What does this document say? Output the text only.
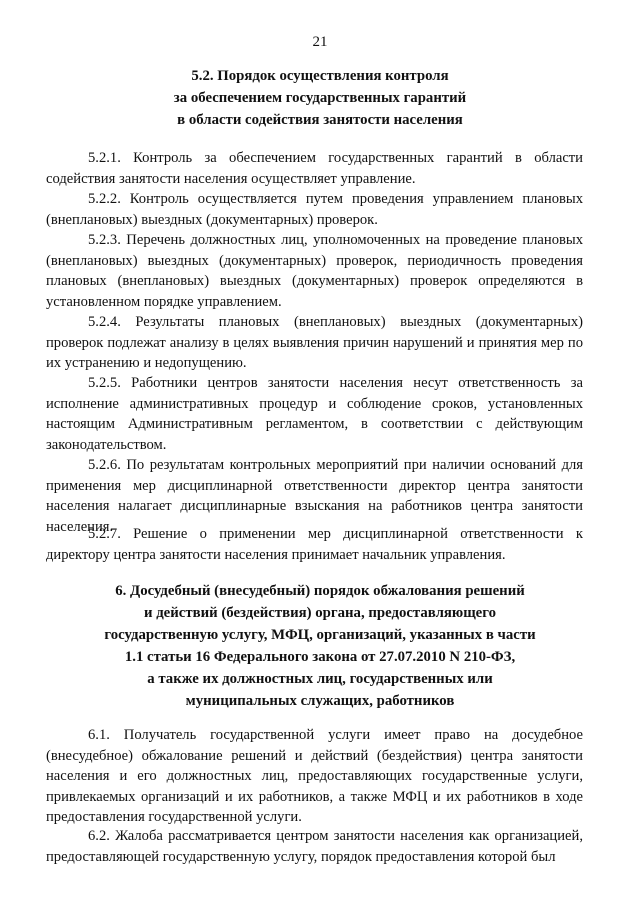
21
5.2. Порядок осуществления контроля
за обеспечением государственных гарантий
в области содействия занятости населения

5.2.1. Контроль за обеспечением государственных гарантий в области содействия занятости населения осуществляет управление.

5.2.2. Контроль осуществляется путем проведения управлением плановых (внеплановых) выездных (документарных) проверок.

5.2.3. Перечень должностных лиц, уполномоченных на проведение плановых (внеплановых) выездных (документарных) проверок, периодичность проведения плановых (внеплановых) выездных (документарных) проверок определяются в установленном порядке управлением.

5.2.4. Результаты плановых (внеплановых) выездных (документарных) проверок подлежат анализу в целях выявления причин нарушений и принятия мер по их устранению и недопущению.

5.2.5. Работники центров занятости населения несут ответственность за исполнение административных процедур и соблюдение сроков, установленных настоящим Административным регламентом, в соответствии с действующим законодательством.

5.2.6. По результатам контрольных мероприятий при наличии оснований для применения мер дисциплинарной ответственности директор центра занятости населения налагает дисциплинарные взыскания на работников центра занятости населения.

5.2.7. Решение о применении мер дисциплинарной ответственности к директору центра занятости населения принимает начальник управления.

6. Досудебный (внесудебный) порядок обжалования решений
и действий (бездействия) органа, предоставляющего
государственную услугу, МФЦ, организаций, указанных в части
1.1 статьи 16 Федерального закона от 27.07.2010 N 210-ФЗ,
а также их должностных лиц, государственных или
муниципальных служащих, работников

6.1. Получатель государственной услуги имеет право на досудебное (внесудебное) обжалование решений и действий (бездействия) центра занятости населения и его должностных лиц, предоставляющих государственные услуги, привлекаемых организаций и их работников, а также МФЦ и их работников в ходе предоставления государственной услуги.

6.2. Жалоба рассматривается центром занятости населения как организацией, предоставляющей государственную услугу, порядок предоставления которой был
